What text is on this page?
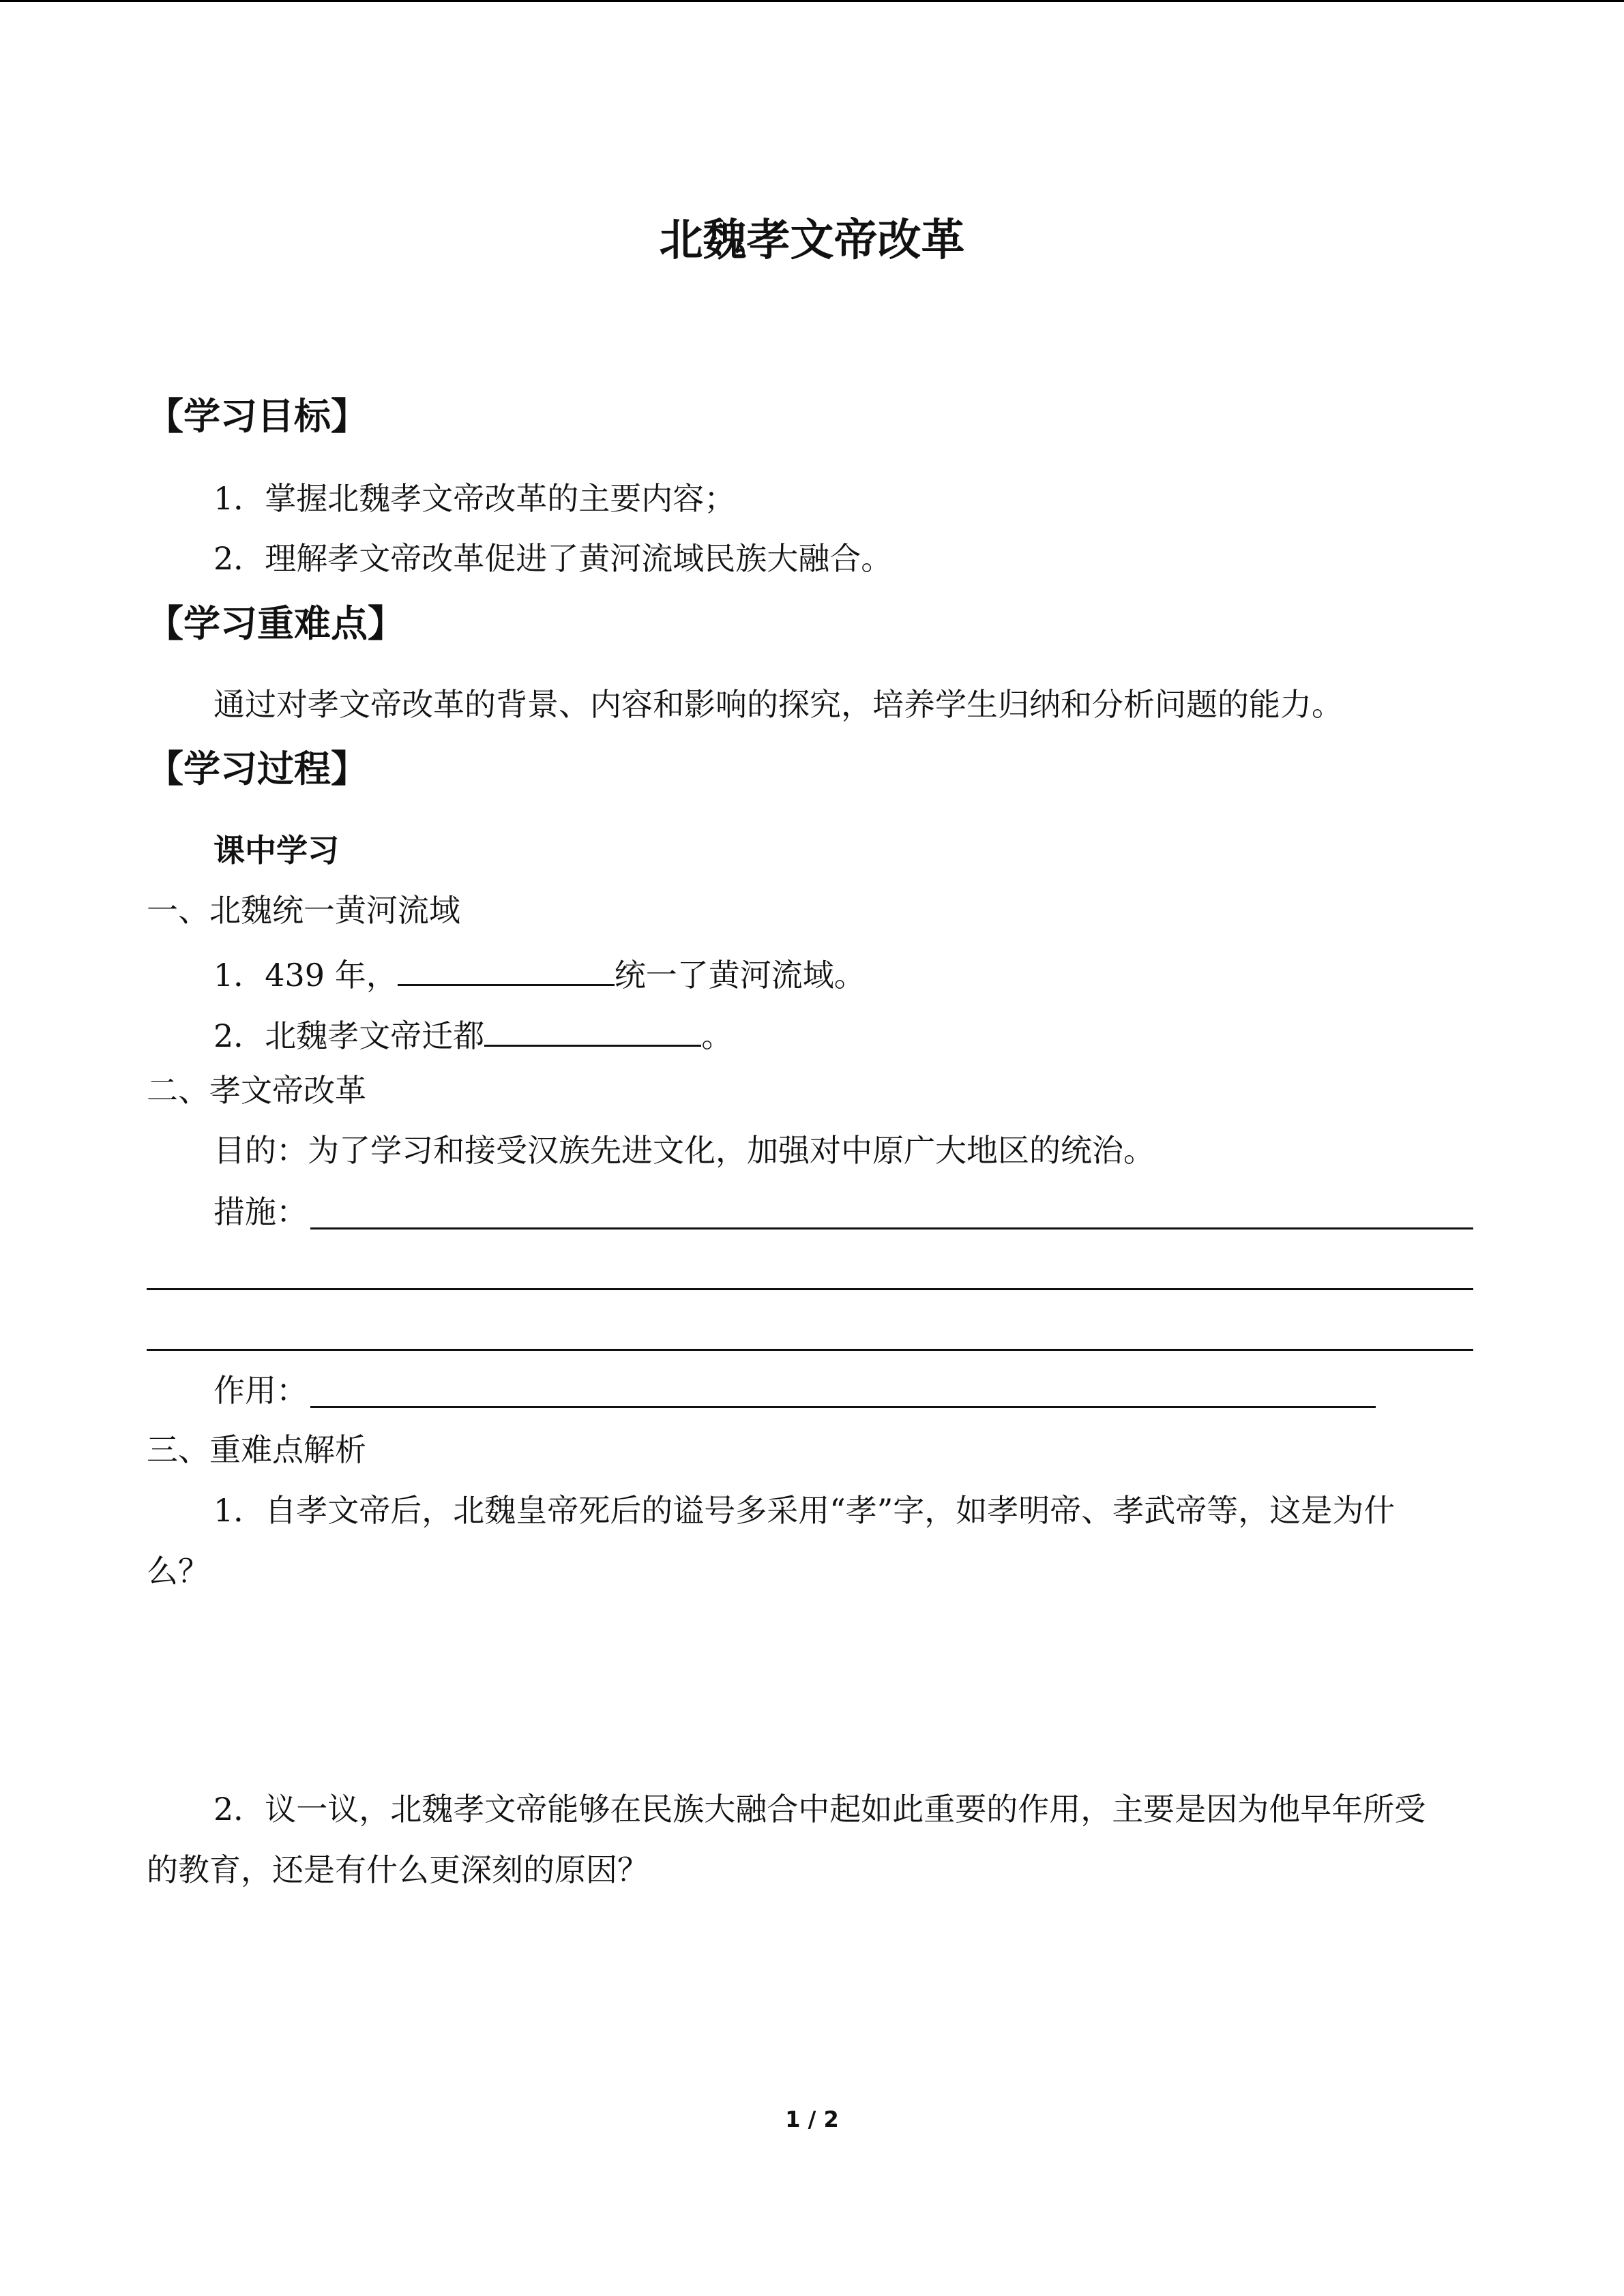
北魏孝文帝改革
【学习目标】
1．掌握北魏孝文帝改革的主要内容；
2．理解孝文帝改革促进了黄河流域民族大融合。
【学习重难点】
通过对孝文帝改革的背景、内容和影响的探究，培养学生归纳和分析问题的能力。
【学习过程】
课中学习
一、北魏统一黄河流域
1．439 年，	统一了黄河流域。
2．北魏孝文帝迁都	。
二、孝文帝改革
目的：为了学习和接受汉族先进文化，加强对中原广大地区的统治。
措施：
作用：
三、重难点解析
1．自孝文帝后，北魏皇帝死后的谥号多采用“孝”字，如孝明帝、孝武帝等，这是为什
么？
2．议一议，北魏孝文帝能够在民族大融合中起如此重要的作用，主要是因为他早年所受
的教育，还是有什么更深刻的原因？
1 / 2
